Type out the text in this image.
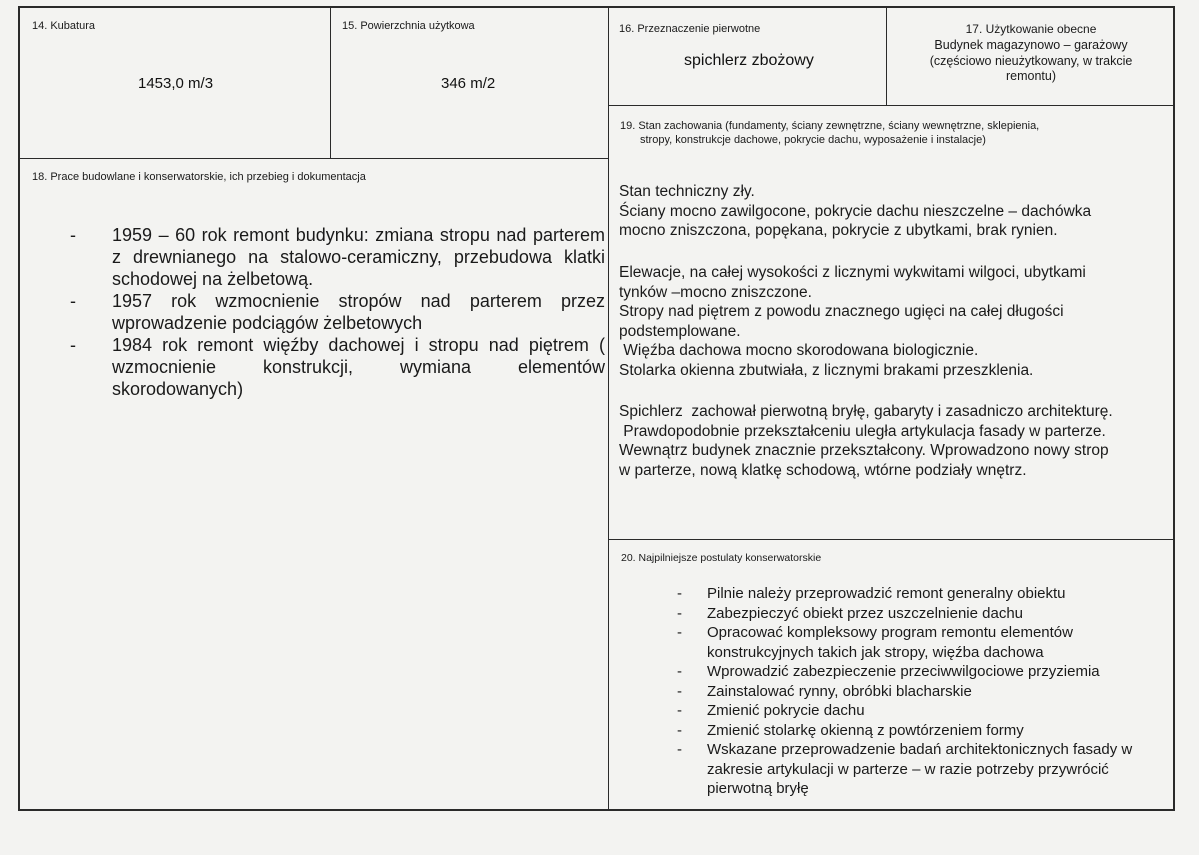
14. Kubatura
1453,0 m/3
15. Powierzchnia użytkowa
346 m/2
16. Przeznaczenie pierwotne
spichlerz zbożowy
17. Użytkowanie obecne
Budynek magazynowo – garażowy
(częściowo nieużytkowany, w trakcie
remontu)
18. Prace budowlane i konserwatorskie, ich przebieg i dokumentacja
- 1959 – 60 rok remont budynku: zmiana stropu nad parterem z drewnianego na stalowo-ceramiczny, przebudowa klatki schodowej na żelbetową.
- 1957 rok wzmocnienie stropów nad parterem przez wprowadzenie podciągów żelbetowych
- 1984 rok remont więźby dachowej i stropu nad piętrem ( wzmocnienie konstrukcji, wymiana elementów skorodowanych)
19. Stan zachowania (fundamenty, ściany zewnętrzne, ściany wewnętrzne, sklepienia,
stropy, konstrukcje dachowe, pokrycie dachu, wyposażenie i instalacje)

Stan techniczny zły.

Ściany mocno zawilgocone, pokrycie dachu nieszczelne – dachówka

mocno zniszczona, popękana, pokrycie z ubytkami, brak rynien.

Elewacje, na całej wysokości z licznymi wykwitami wilgoci, ubytkami

tynków –mocno zniszczone.

Stropy nad piętrem z powodu znacznego ugięci na całej długości

podstemplowane.

Więźba dachowa mocno skorodowana biologicznie.

Stolarka okienna zbutwiała, z licznymi brakami przeszklenia.

Spichlerz  zachował pierwotną bryłę, gabaryty i zasadniczo architekturę.

Prawdopodobnie przekształceniu uległa artykulacja fasady w parterze.

Wewnątrz budynek znacznie przekształcony. Wprowadzono nowy strop

w parterze, nową klatkę schodową, wtórne podziały wnętrz.

20. Najpilniejsze postulaty konserwatorskie
- Pilnie należy przeprowadzić remont generalny obiektu
- Zabezpieczyć obiekt przez uszczelnienie dachu
- Opracować kompleksowy program remontu elementów konstrukcyjnych takich jak stropy, więźba dachowa
- Wprowadzić zabezpieczenie przeciwwilgociowe przyziemia
- Zainstalować rynny, obróbki blacharskie
- Zmienić pokrycie dachu
- Zmienić stolarkę okienną z powtórzeniem formy
- Wskazane przeprowadzenie badań architektonicznych fasady w zakresie artykulacji w parterze – w razie potrzeby przywrócić pierwotną bryłę
